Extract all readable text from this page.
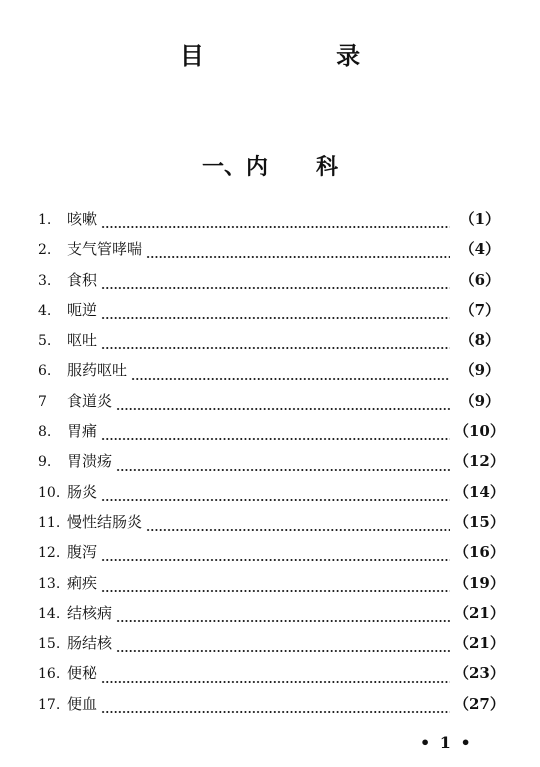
目 录
一、内 科
1.	咳嗽	（1）
2.	支气管哮喘	（4）
3.	食积	（6）
4.	呃逆	（7）
5.	呕吐	（8）
6.	服药呕吐	（9）
7	食道炎	（9）
8.	胃痛	（10）
9.	胃溃疡	（12）
10. 肠炎	（14）
11. 慢性结肠炎	（15）
12. 腹泻	（16）
13. 痢疾	（19）
14. 结核病	（21）
15. 肠结核	（21）
16. 便秘	（23）
17. 便血	（27）
• 1 •
